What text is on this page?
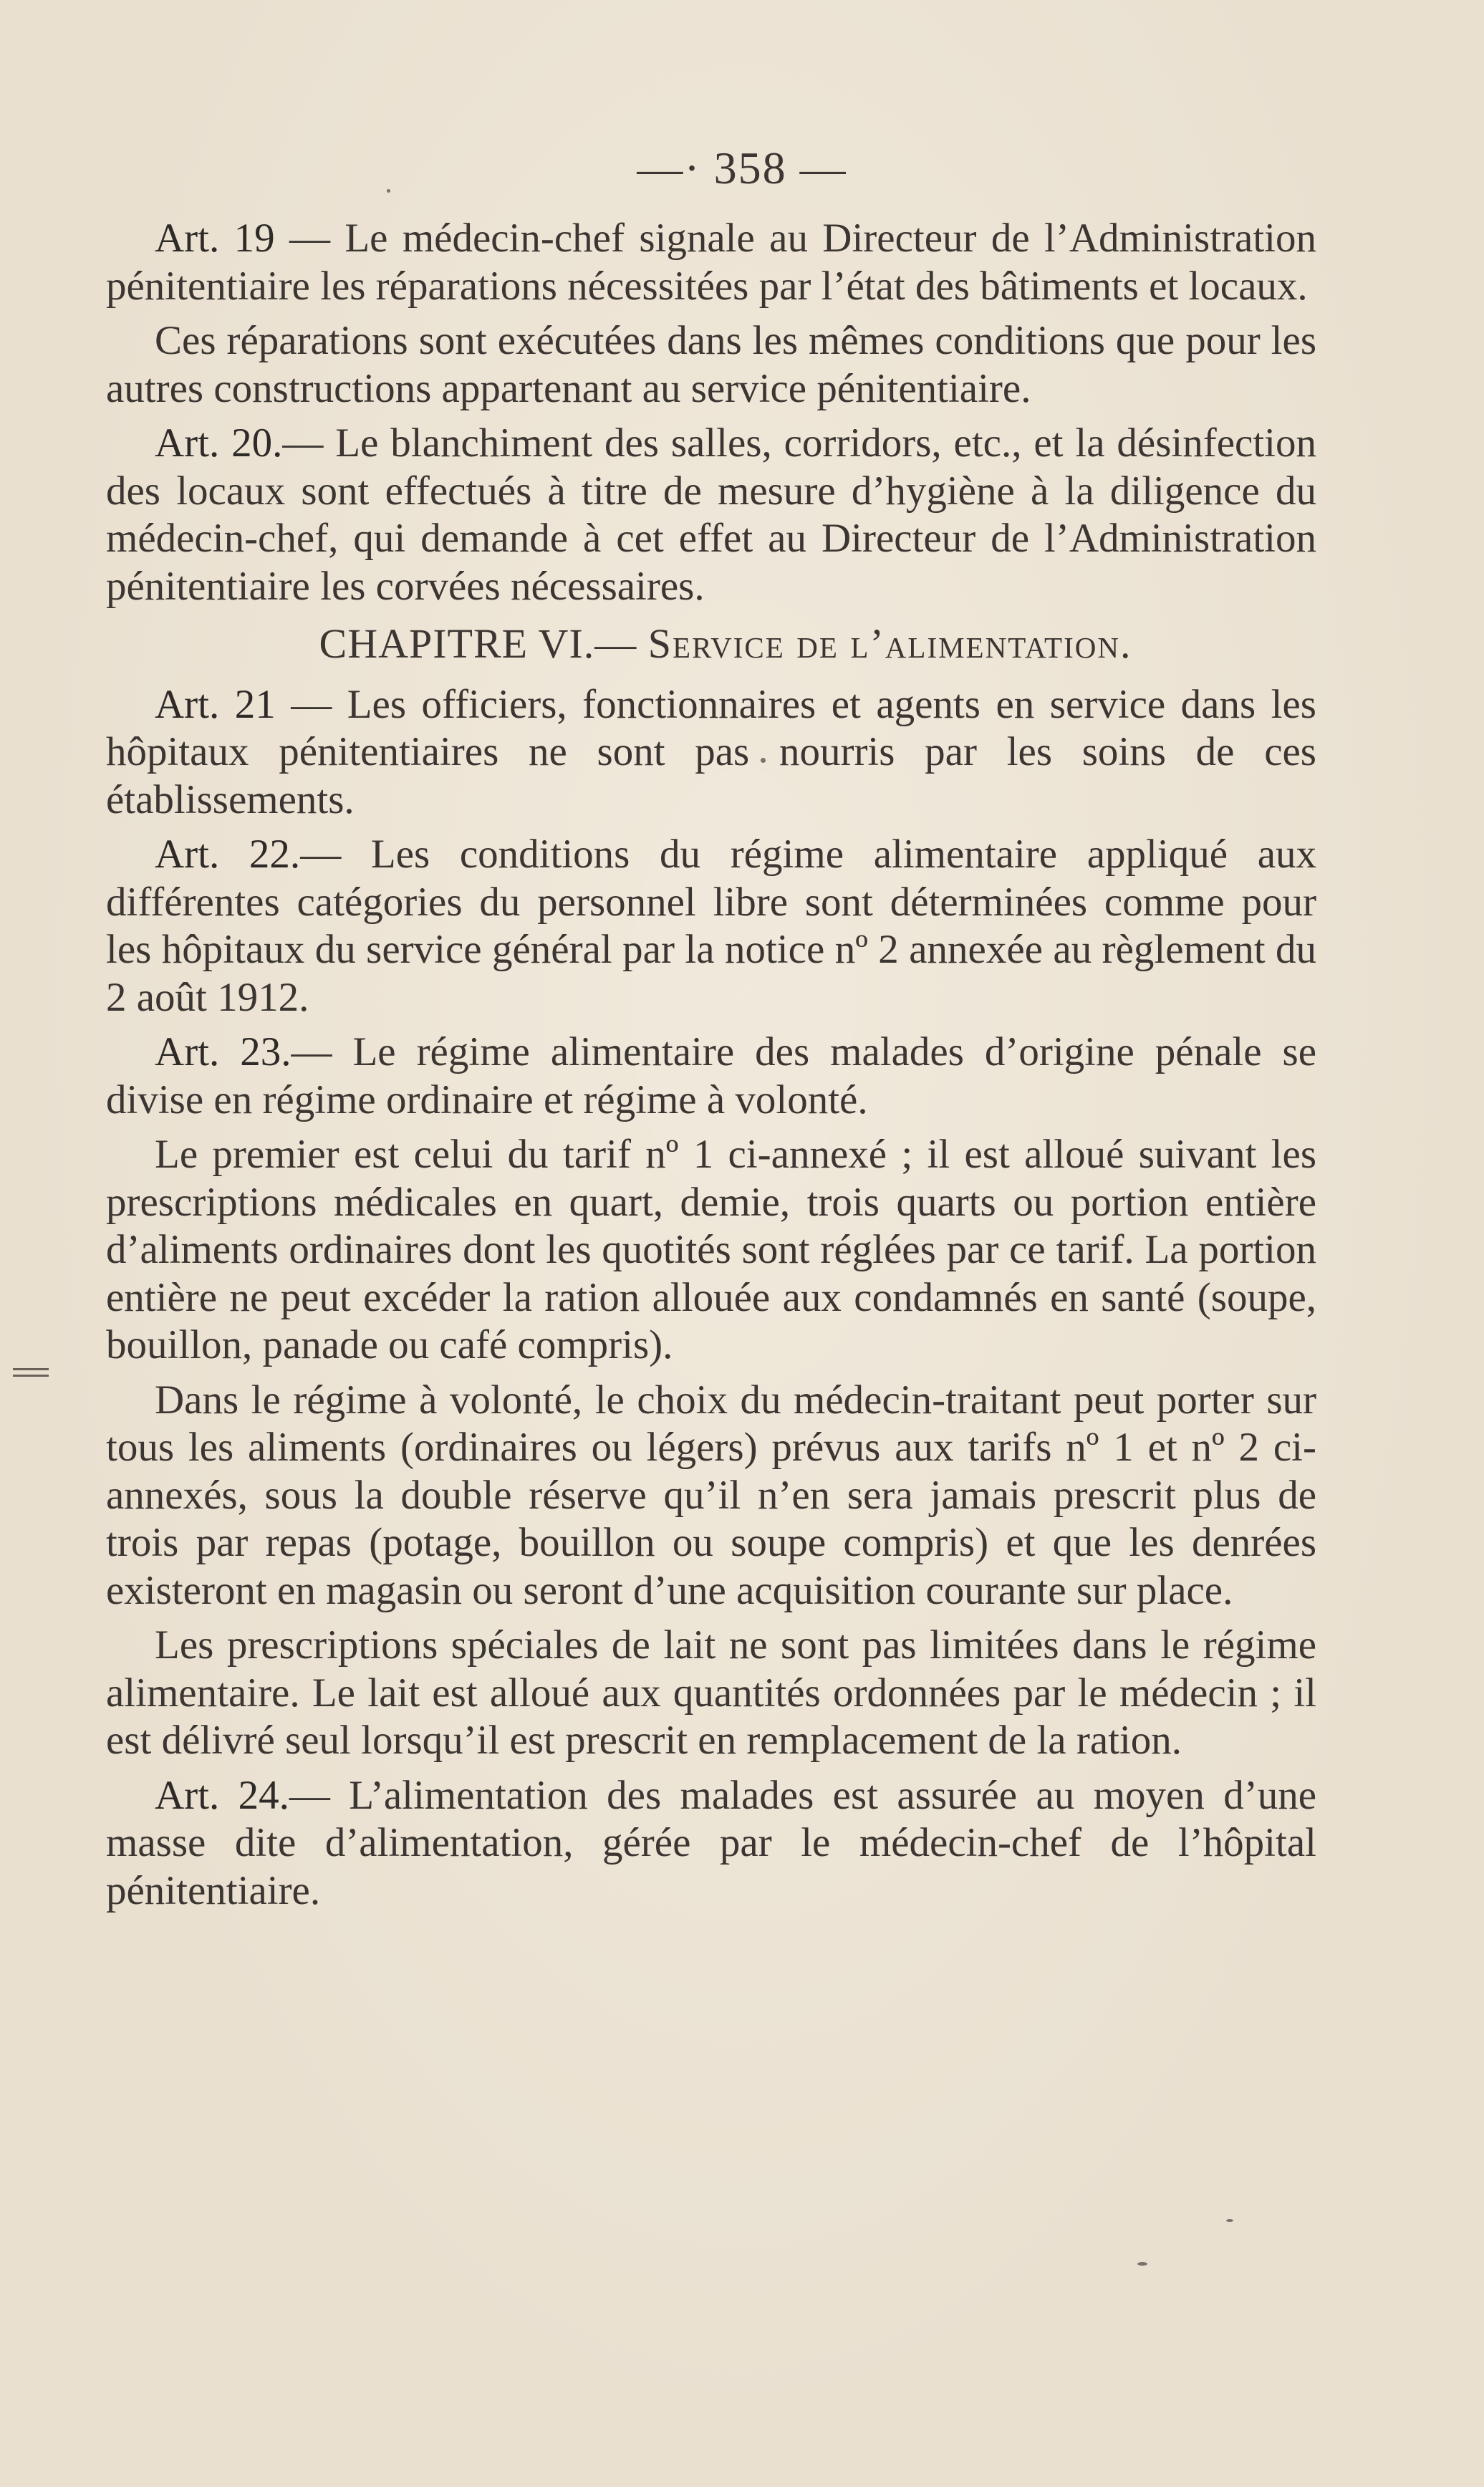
—· 358 —

Art. 19 — Le médecin-chef signale au Directeur de l’Administration pénitentiaire les réparations nécessitées par l’état des bâtiments et locaux.

Ces réparations sont exécutées dans les mêmes conditions que pour les autres constructions appartenant au service pénitentiaire.

Art. 20.— Le blanchiment des salles, corridors, etc., et la désinfection des locaux sont effectués à titre de mesure d’hygiène à la diligence du médecin-chef, qui demande à cet effet au Directeur de l’Administration pénitentiaire les corvées nécessaires.

CHAPITRE VI.— Service de l’alimentation.

Art. 21 — Les officiers, fonctionnaires et agents en service dans les hôpitaux pénitentiaires ne sont pas nourris par les soins de ces établissements.

Art. 22.— Les conditions du régime alimentaire appliqué aux différentes catégories du personnel libre sont déterminées comme pour les hôpitaux du service général par la notice nº 2 annexée au règlement du 2 août 1912.

Art. 23.— Le régime alimentaire des malades d’origine pénale se divise en régime ordinaire et régime à volonté.

Le premier est celui du tarif nº 1 ci-annexé ; il est alloué suivant les prescriptions médicales en quart, demie, trois quarts ou portion entière d’aliments ordinaires dont les quotités sont réglées par ce tarif. La portion entière ne peut excéder la ration allouée aux condamnés en santé (soupe, bouillon, panade ou café compris).

Dans le régime à volonté, le choix du médecin-traitant peut porter sur tous les aliments (ordinaires ou légers) prévus aux tarifs nº 1 et nº 2 ci-annexés, sous la double réserve qu’il n’en sera jamais prescrit plus de trois par repas (potage, bouillon ou soupe compris) et que les denrées existeront en magasin ou seront d’une acquisition courante sur place.

Les prescriptions spéciales de lait ne sont pas limitées dans le régime alimentaire. Le lait est alloué aux quantités ordonnées par le médecin ; il est délivré seul lorsqu’il est prescrit en remplacement de la ration.

Art. 24.— L’alimentation des malades est assurée au moyen d’une masse dite d’alimentation, gérée par le médecin-chef de l’hôpital pénitentiaire.
